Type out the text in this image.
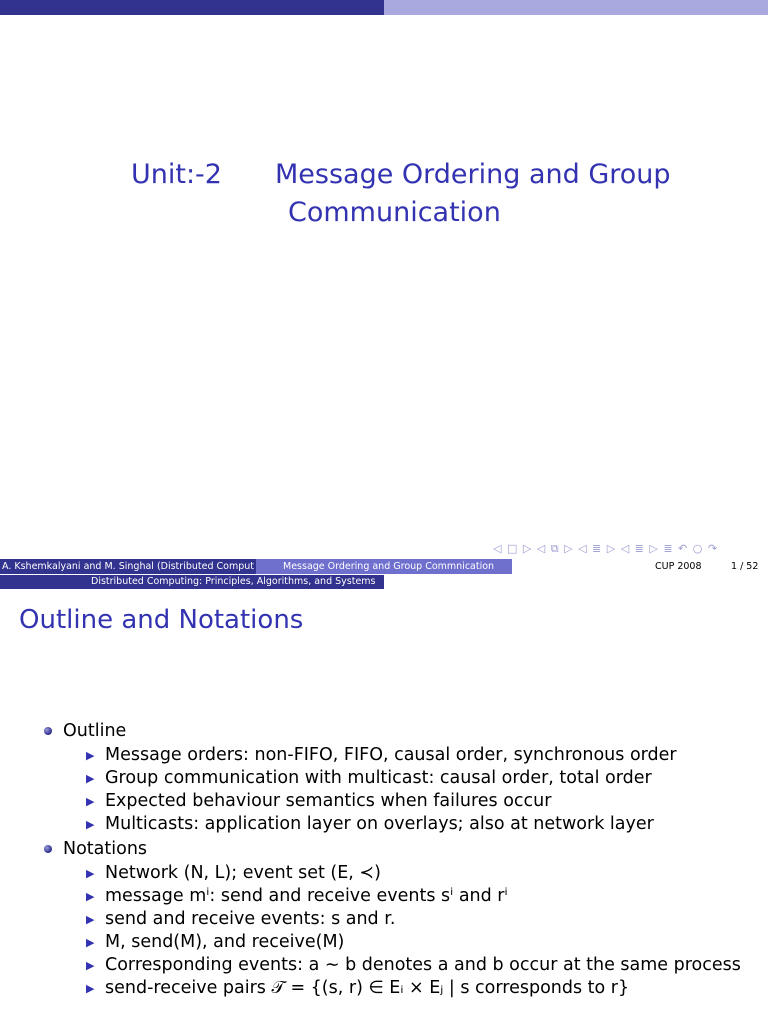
Unit:-2 Message Ordering and Group
Communication
◁ □ ▷ ◁ ⧉ ▷ ◁ ≣ ▷ ◁ ≣ ▷ ≣ ↶ ○ ↷
A. Kshemkalyani and M. Singhal (Distributed Comput	Message Ordering and Group Commnication	CUP 2008	1 / 52
Distributed Computing: Principles, Algorithms, and Systems
Outline and Notations
Outline
▶ Message orders: non-FIFO, FIFO, causal order, synchronous order
▶ Group communication with multicast: causal order, total order
▶ Expected behaviour semantics when failures occur
▶ Multicasts: application layer on overlays; also at network layer
Notations
▶ Network (N, L); event set (E, ≺)
▶ message mⁱ: send and receive events sⁱ and rⁱ
▶ send and receive events: s and r.
▶ M, send(M), and receive(M)
▶ Corresponding events: a ∼ b denotes a and b occur at the same process
▶ send-receive pairs 𝒯 = {(s, r) ∈ Eᵢ × Eⱼ | s corresponds to r}
